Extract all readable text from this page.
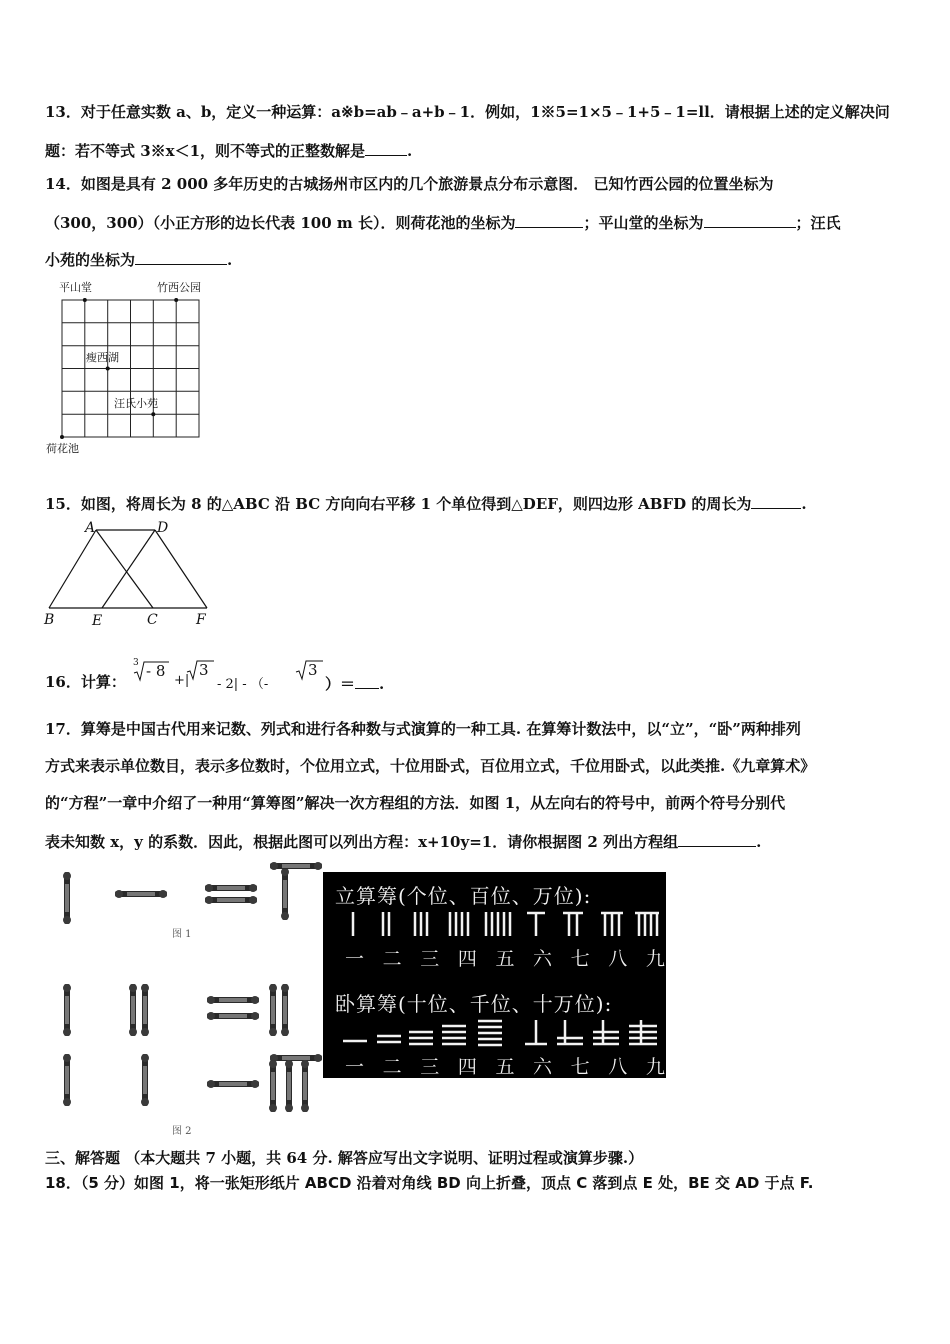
13．对于任意实数 a、b，定义一种运算：a※b=ab﹣a+b﹣1．例如，1※5=1×5﹣1+5﹣1=ll．请根据上述的定义解决问
题：若不等式 3※x＜1，则不等式的正整数解是	.
14．如图是具有 2 000 多年历史的古城扬州市区内的几个旅游景点分布示意图． 已知竹西公园的位置坐标为
（300，300）（小正方形的边长代表 100 m 长）．则荷花池的坐标为	；平山堂的坐标为	；汪氏
小苑的坐标为	.
平山堂	竹西公园
瘦西湖
汪氏小苑
荷花池
15．如图，将周长为 8 的△ABC 沿 BC 方向向右平移 1 个单位得到△DEF，则四边形 ABFD 的周长为	.
A	D
B	E	C	F
16．计算：
3 - 8
+|
3
- 2| - （-
3
）＝ .
17．算筹是中国古代用来记数、列式和进行各种数与式演算的一种工具. 在算筹计数法中，以“立”，“卧”两种排列
方式来表示单位数目，表示多位数时，个位用立式，十位用卧式，百位用立式，千位用卧式，以此类推.《九章算术》
的“方程”一章中介绍了一种用“算筹图”解决一次方程组的方法．如图 1，从左向右的符号中，前两个符号分别代
表未知数 x，y 的系数．因此，根据此图可以列出方程：x+10y=1．请你根据图 2 列出方程组	.
图 1
图 2
立算筹(个位、百位、万位):
一 二 三 四 五 六 七 八 九
卧算筹(十位、千位、十万位):
一 二 三 四 五 六 七 八 九
三、解答题 （本大题共 7 小题，共 64 分. 解答应写出文字说明、证明过程或演算步骤.）
18．（5 分）如图 1，将一张矩形纸片 ABCD 沿着对角线 BD 向上折叠，顶点 C 落到点 E 处，BE 交 AD 于点 F.
